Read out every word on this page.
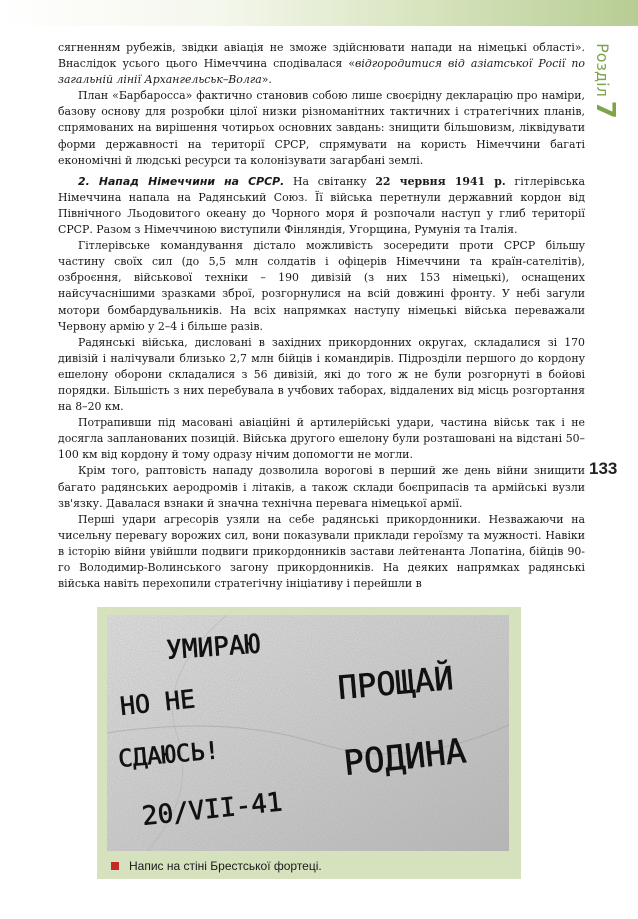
Розділ7
133

сягненням рубежів, звідки авіація не зможе здійснювати напади на німецькі області». Внаслідок усього цього Німеччина сподівалася «відгородитися від азіатської Росії по загальній лінії Архангельськ–Волга».

План «Барбаросса» фактично становив собою лише своєрідну декларацію про наміри, базову основу для розробки цілої низки різноманітних тактичних і стратегічних планів, спрямованих на вирішення чотирьох основних завдань: знищити більшовизм, ліквідувати форми державності на території СРСР, спрямувати на користь Німеччини багаті економічні й людські ресурси та колонізувати загарбані землі.

2. Напад Німеччини на СРСР. На світанку 22 червня 1941 р. гітлерівська Німеччина напала на Радянський Союз. Її війська перетнули державний кордон від Північного Льодовитого океану до Чорного моря й розпочали наступ у глиб території СРСР. Разом з Німеччиною виступили Фінляндія, Угорщина, Румунія та Італія.

Гітлерівське командування дістало можливість зосередити проти СРСР більшу частину своїх сил (до 5,5 млн солдатів і офіцерів Німеччини та країн-сателітів), озброєння, військової техніки – 190 дивізій (з них 153 німецькі), оснащених найсучаснішими зразками зброї, розгорнулися на всій довжині фронту. У небі загули мотори бомбардувальників. На всіх напрямках наступу німецькі війська переважали Червону армію у 2–4 і більше разів.

Радянські війська, дисловані в західних прикордонних округах, складалися зі 170 дивізій і налічували близько 2,7 млн бійців і командирів. Підрозділи першого до кордону ешелону оборони складалися з 56 дивізій, які до того ж не були розгорнуті в бойові порядки. Більшість з них перебувала в учбових таборах, віддалених від місць розгортання на 8–20 км.

Потрапивши під масовані авіаційні й артилерійські удари, частина військ так і не досягла запланованих позицій. Війська другого ешелону були розташовані на відстані 50–100 км від кордону й тому одразу нічим допомогти не могли.

Крім того, раптовість нападу дозволила ворогові в перший же день війни знищити багато радянських аеродромів і літаків, а також склади боєприпасів та армійські вузли зв'язку. Давалася взнаки й значна технічна перевага німецької армії.

Перші удари агресорів узяли на себе радянські прикордонники. Незважаючи на чисельну перевагу ворожих сил, вони показували приклади героїзму та мужності. Навіки в історію війни увійшли подвиги прикордонників застави лейтенанта Лопатіна, бійців 90-го Володимир-Волинського загону прикордонників. На деяких напрямках радянські війська навіть перехопили стратегічну ініціативу і перейшли в

УМИРАЮ
НО НЕ
СДАЮСЬ!
20/VII-41
ПРОЩАЙ
РОДИНА
Напис на стіні Брестської фортеці.
